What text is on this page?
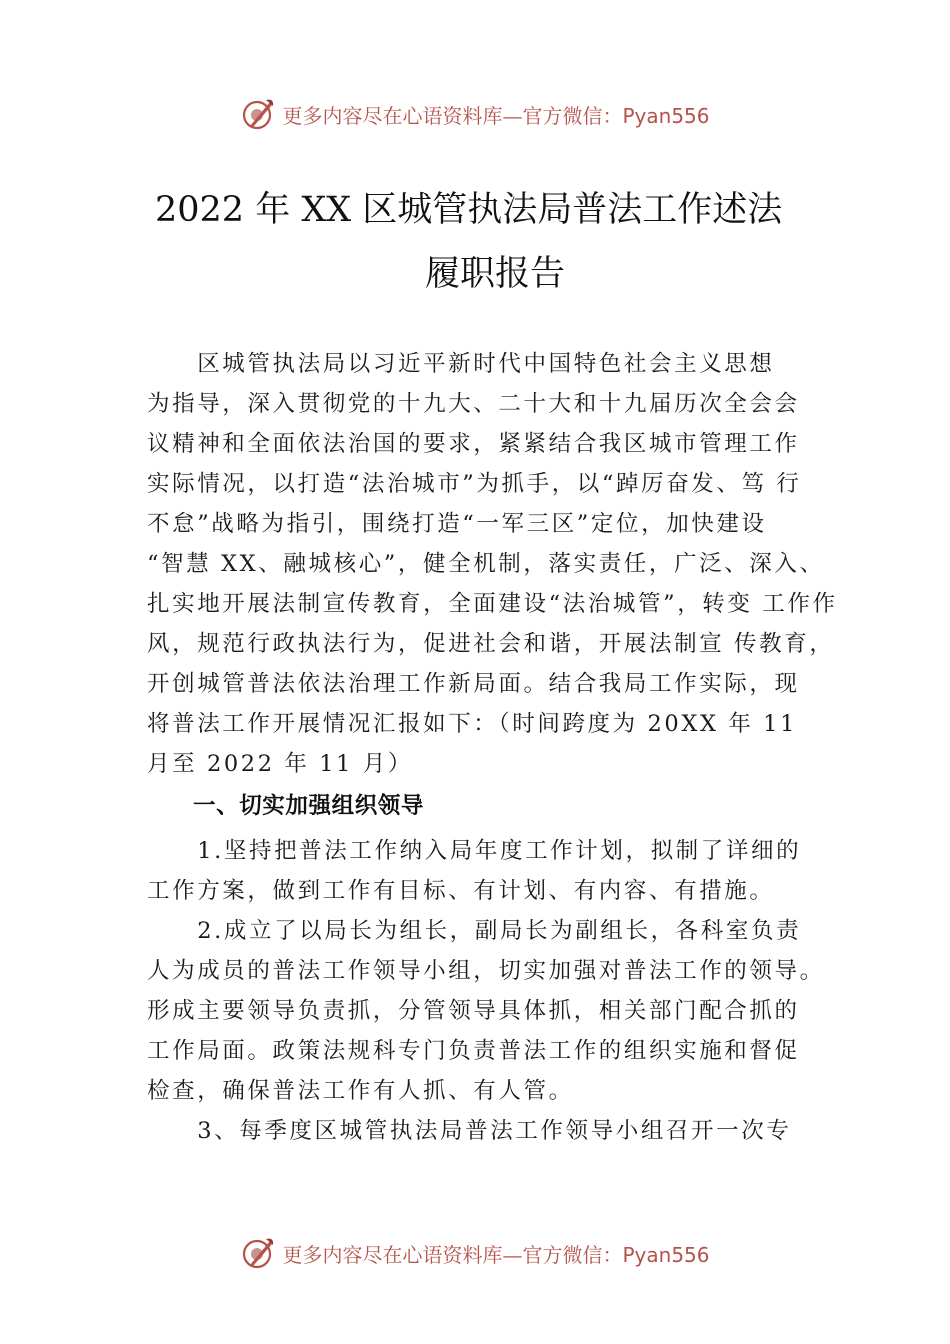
更多内容尽在心语资料库—官方微信：Pyan556
2022 年 XX 区城管执法局普法工作述法
履职报告
　　区城管执法局以习近平新时代中国特色社会主义思想
为指导，深入贯彻党的十九大、二十大和十九届历次全会会
议精神和全面依法治国的要求，紧紧结合我区城市管理工作
实际情况，以打造“法治城市”为抓手，以“踔厉奋发、笃 行
不怠”战略为指引，围绕打造“一军三区”定位，加快建设
“智慧 XX、融城核心”，健全机制，落实责任，广泛、深入、
扎实地开展法制宣传教育，全面建设“法治城管”，转变 工作作
风，规范行政执法行为，促进社会和谐，开展法制宣 传教育，
开创城管普法依法治理工作新局面。结合我局工作实际，现
将普法工作开展情况汇报如下：（时间跨度为 20XX 年 11
月至 2022 年 11 月）
一、切实加强组织领导
　　1.坚持把普法工作纳入局年度工作计划，拟制了详细的
工作方案，做到工作有目标、有计划、有内容、有措施。
　　2.成立了以局长为组长，副局长为副组长，各科室负责
人为成员的普法工作领导小组，切实加强对普法工作的领导。
形成主要领导负责抓，分管领导具体抓，相关部门配合抓的
工作局面。政策法规科专门负责普法工作的组织实施和督促
检查，确保普法工作有人抓、有人管。
　　3、每季度区城管执法局普法工作领导小组召开一次专
更多内容尽在心语资料库—官方微信：Pyan556
